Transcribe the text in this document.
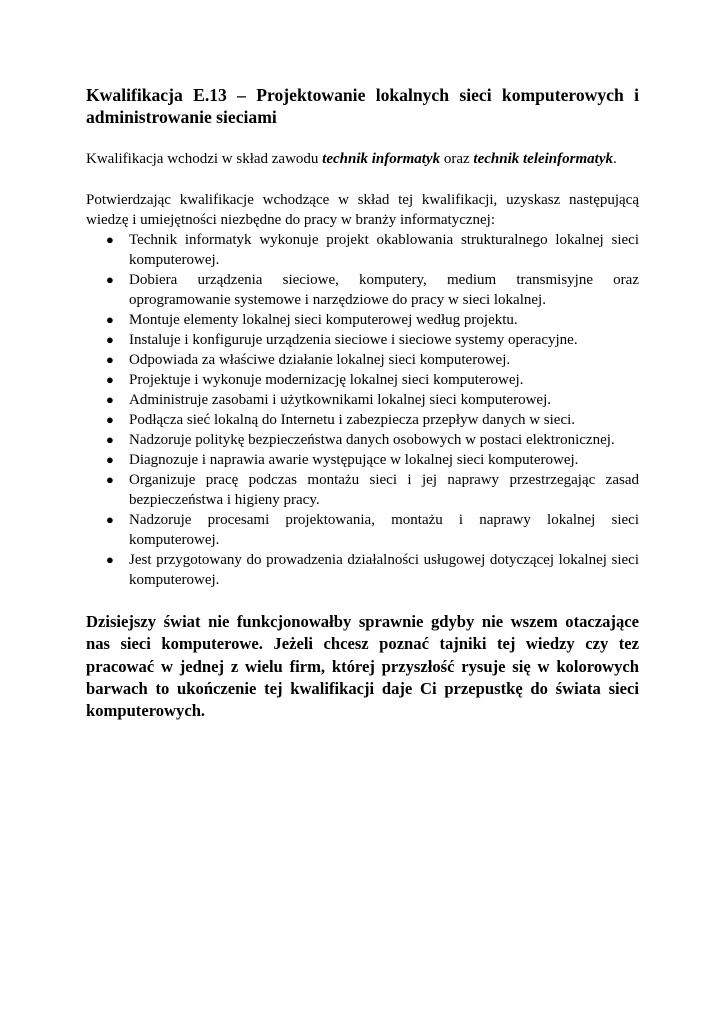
Kwalifikacja E.13 – Projektowanie lokalnych sieci komputerowych i administrowanie sieciami

Kwalifikacja wchodzi w skład zawodu technik informatyk oraz technik teleinformatyk.

Potwierdzając kwalifikacje wchodzące w skład tej kwalifikacji, uzyskasz następującą wiedzę i umiejętności niezbędne do pracy w branży informatycznej:

● Technik informatyk wykonuje projekt okablowania strukturalnego lokalnej sieci komputerowej.
● Dobiera urządzenia sieciowe, komputery, medium transmisyjne oraz oprogramowanie systemowe i narzędziowe do pracy w sieci lokalnej.
● Montuje elementy lokalnej sieci komputerowej według projektu.
● Instaluje i konfiguruje urządzenia sieciowe i sieciowe systemy operacyjne.
● Odpowiada za właściwe działanie lokalnej sieci komputerowej.
● Projektuje i wykonuje modernizację lokalnej sieci komputerowej.
● Administruje zasobami i użytkownikami lokalnej sieci komputerowej.
● Podłącza sieć lokalną do Internetu i zabezpiecza przepływ danych w sieci.
● Nadzoruje politykę bezpieczeństwa danych osobowych w postaci elektronicznej.
● Diagnozuje i naprawia awarie występujące w lokalnej sieci komputerowej.
● Organizuje pracę podczas montażu sieci i jej naprawy przestrzegając zasad bezpieczeństwa i higieny pracy.
● Nadzoruje procesami projektowania, montażu i naprawy lokalnej sieci komputerowej.
● Jest przygotowany do prowadzenia działalności usługowej dotyczącej lokalnej sieci komputerowej.

Dzisiejszy świat nie funkcjonowałby sprawnie gdyby nie wszem otaczające nas sieci komputerowe. Jeżeli chcesz poznać tajniki tej wiedzy czy tez pracować w jednej z wielu firm, której przyszłość rysuje się w kolorowych barwach to ukończenie tej kwalifikacji daje Ci przepustkę do świata sieci komputerowych.
